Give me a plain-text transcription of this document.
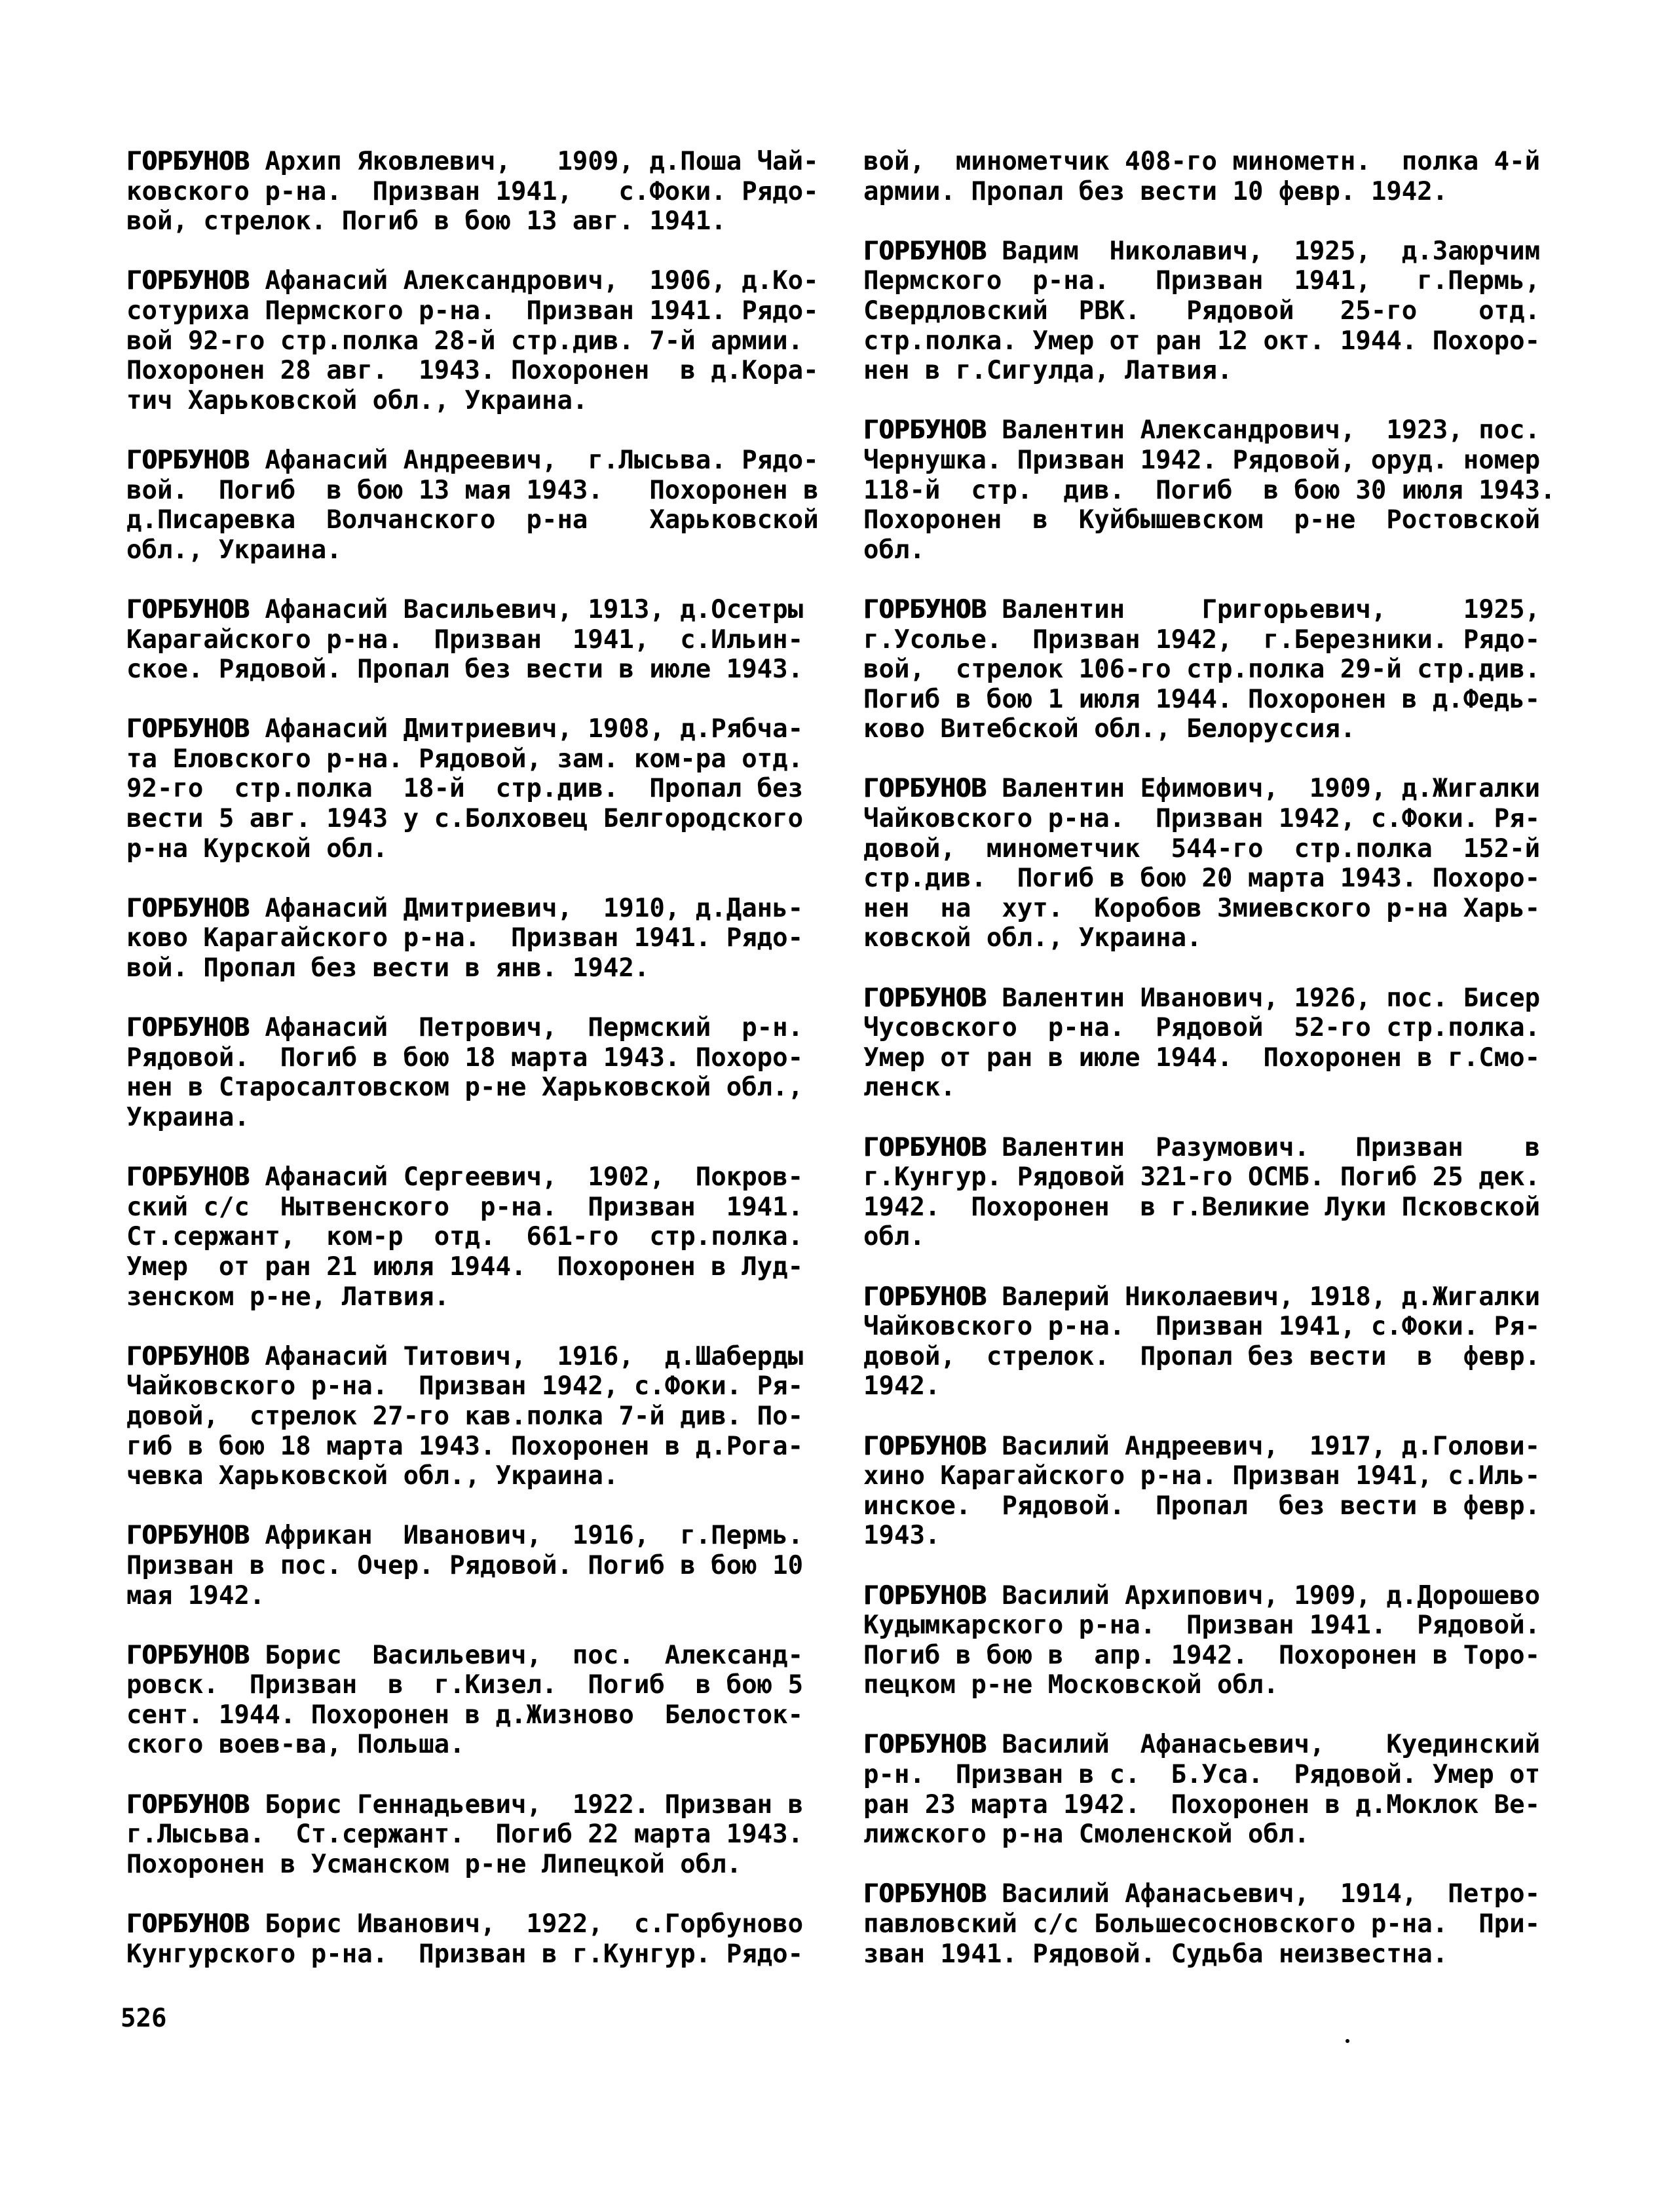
ГОРБУНОВ Архип Яковлевич,   1909, д.Поша Чай-
ковского р-на.  Призван 1941,   с.Фоки. Рядо-
вой, стрелок. Погиб в бою 13 авг. 1941.

ГОРБУНОВ Афанасий Александрович,  1906, д.Ко-
сотуриха Пермского р-на.  Призван 1941. Рядо-
вой 92-го стр.полка 28-й стр.див. 7-й армии.
Похоронен 28 авг.  1943. Похоронен  в д.Кора-
тич Харьковской обл., Украина.

ГОРБУНОВ Афанасий Андреевич,  г.Лысьва. Рядо-
вой.  Погиб  в бою 13 мая 1943.   Похоронен в
д.Писаревка  Волчанского  р-на    Харьковской
обл., Украина.

ГОРБУНОВ Афанасий Васильевич, 1913, д.Осетры
Карагайского р-на.  Призван  1941,  с.Ильин-
ское. Рядовой. Пропал без вести в июле 1943.

ГОРБУНОВ Афанасий Дмитриевич, 1908, д.Рябча-
та Еловского р-на. Рядовой, зам. ком-ра отд.
92-го  стр.полка  18-й  стр.див.  Пропал без
вести 5 авг. 1943 у с.Болховец Белгородского
р-на Курской обл.

ГОРБУНОВ Афанасий Дмитриевич,  1910, д.Дань-
ково Карагайского р-на.  Призван 1941. Рядо-
вой. Пропал без вести в янв. 1942.

ГОРБУНОВ Афанасий  Петрович,  Пермский  р-н.
Рядовой.  Погиб в бою 18 марта 1943. Похоро-
нен в Старосалтовском р-не Харьковской обл.,
Украина.

ГОРБУНОВ Афанасий Сергеевич,  1902,  Покров-
ский с/с  Нытвенского  р-на.  Призван  1941.
Ст.сержант,  ком-р  отд.  661-го  стр.полка.
Умер  от ран 21 июля 1944.  Похоронен в Луд-
зенском р-не, Латвия.

ГОРБУНОВ Афанасий Титович,  1916,  д.Шаберды
Чайковского р-на.  Призван 1942, с.Фоки. Ря-
довой,  стрелок 27-го кав.полка 7-й див. По-
гиб в бою 18 марта 1943. Похоронен в д.Рога-
чевка Харьковской обл., Украина.

ГОРБУНОВ Африкан  Иванович,  1916,  г.Пермь.
Призван в пос. Очер. Рядовой. Погиб в бою 10
мая 1942.

ГОРБУНОВ Борис  Васильевич,  пос.  Александ-
ровск.  Призван  в  г.Кизел.  Погиб  в бою 5
сент. 1944. Похоронен в д.Жизново  Белосток-
ского воев-ва, Польша.

ГОРБУНОВ Борис Геннадьевич,  1922. Призван в
г.Лысьва.  Ст.сержант.  Погиб 22 марта 1943.
Похоронен в Усманском р-не Липецкой обл.

ГОРБУНОВ Борис Иванович,  1922,  с.Горбуново
Кунгурского р-на.  Призван в г.Кунгур. Рядо-

вой,  минометчик 408-го минометн.  полка 4-й
армии. Пропал без вести 10 февр. 1942.

ГОРБУНОВ Вадим  Николавич,  1925,  д.Заюрчим
Пермского  р-на.   Призван  1941,   г.Пермь,
Свердловский  РВК.   Рядовой   25-го    отд.
стр.полка. Умер от ран 12 окт. 1944. Похоро-
нен в г.Сигулда, Латвия.

ГОРБУНОВ Валентин Александрович,  1923, пос.
Чернушка. Призван 1942. Рядовой, оруд. номер
118-й  стр.  див.  Погиб  в бою 30 июля 1943.
Похоронен  в  Куйбышевском  р-не  Ростовской
обл.

ГОРБУНОВ Валентин     Григорьевич,     1925,
г.Усолье.  Призван 1942,  г.Березники. Рядо-
вой,  стрелок 106-го стр.полка 29-й стр.див.
Погиб в бою 1 июля 1944. Похоронен в д.Федь-
ково Витебской обл., Белоруссия.

ГОРБУНОВ Валентин Ефимович,  1909, д.Жигалки
Чайковского р-на.  Призван 1942, с.Фоки. Ря-
довой,  минометчик  544-го  стр.полка  152-й
стр.див.  Погиб в бою 20 марта 1943. Похоро-
нен  на  хут.  Коробов Змиевского р-на Харь-
ковской обл., Украина.

ГОРБУНОВ Валентин Иванович, 1926, пос. Бисер
Чусовского  р-на.  Рядовой  52-го стр.полка.
Умер от ран в июле 1944.  Похоронен в г.Смо-
ленск.

ГОРБУНОВ Валентин  Разумович.   Призван    в
г.Кунгур. Рядовой 321-го ОСМБ. Погиб 25 дек.
1942.  Похоронен  в г.Великие Луки Псковской
обл.

ГОРБУНОВ Валерий Николаевич, 1918, д.Жигалки
Чайковского р-на.  Призван 1941, с.Фоки. Ря-
довой,  стрелок.  Пропал без вести  в  февр.
1942.

ГОРБУНОВ Василий Андреевич,  1917, д.Голови-
хино Карагайского р-на. Призван 1941, с.Иль-
инское.  Рядовой.  Пропал  без вести в февр.
1943.

ГОРБУНОВ Василий Архипович, 1909, д.Дорошево
Кудымкарского р-на.  Призван 1941.  Рядовой.
Погиб в бою в  апр. 1942.  Похоронен в Торо-
пецком р-не Московской обл.

ГОРБУНОВ Василий  Афанасьевич,    Куединский
р-н.  Призван в с.  Б.Уса.  Рядовой. Умер от
ран 23 марта 1942.  Похоронен в д.Моклок Ве-
лижского р-на Смоленской обл.

ГОРБУНОВ Василий Афанасьевич,  1914,  Петро-
павловский с/с Большесосновского р-на.  При-
зван 1941. Рядовой. Судьба неизвестна.

526
